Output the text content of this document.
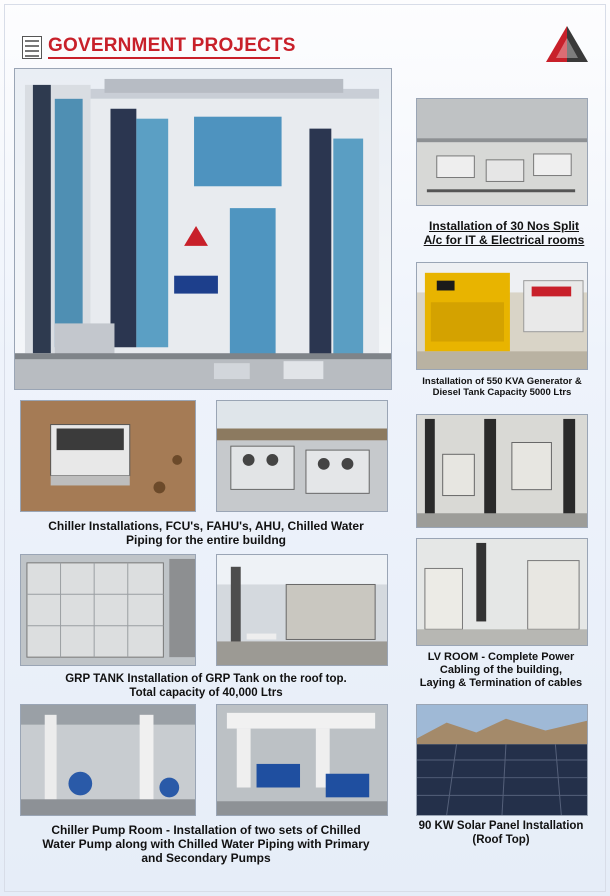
GOVERNMENT PROJECTS
Installation of 30 Nos Split
A/c for IT & Electrical rooms
Installation of 550 KVA Generator &
Diesel Tank Capacity 5000 Ltrs
Chiller Installations, FCU's, FAHU's, AHU, Chilled Water
Piping for the entire buildng
GRP TANK Installation of GRP Tank on the roof top.
Total capacity of 40,000 Ltrs
LV ROOM - Complete Power
Cabling of the building,
Laying & Termination of cables
Chiller Pump Room - Installation of two sets of Chilled
Water Pump along with Chilled Water Piping with Primary
and Secondary Pumps
90 KW Solar Panel Installation
(Roof Top)
